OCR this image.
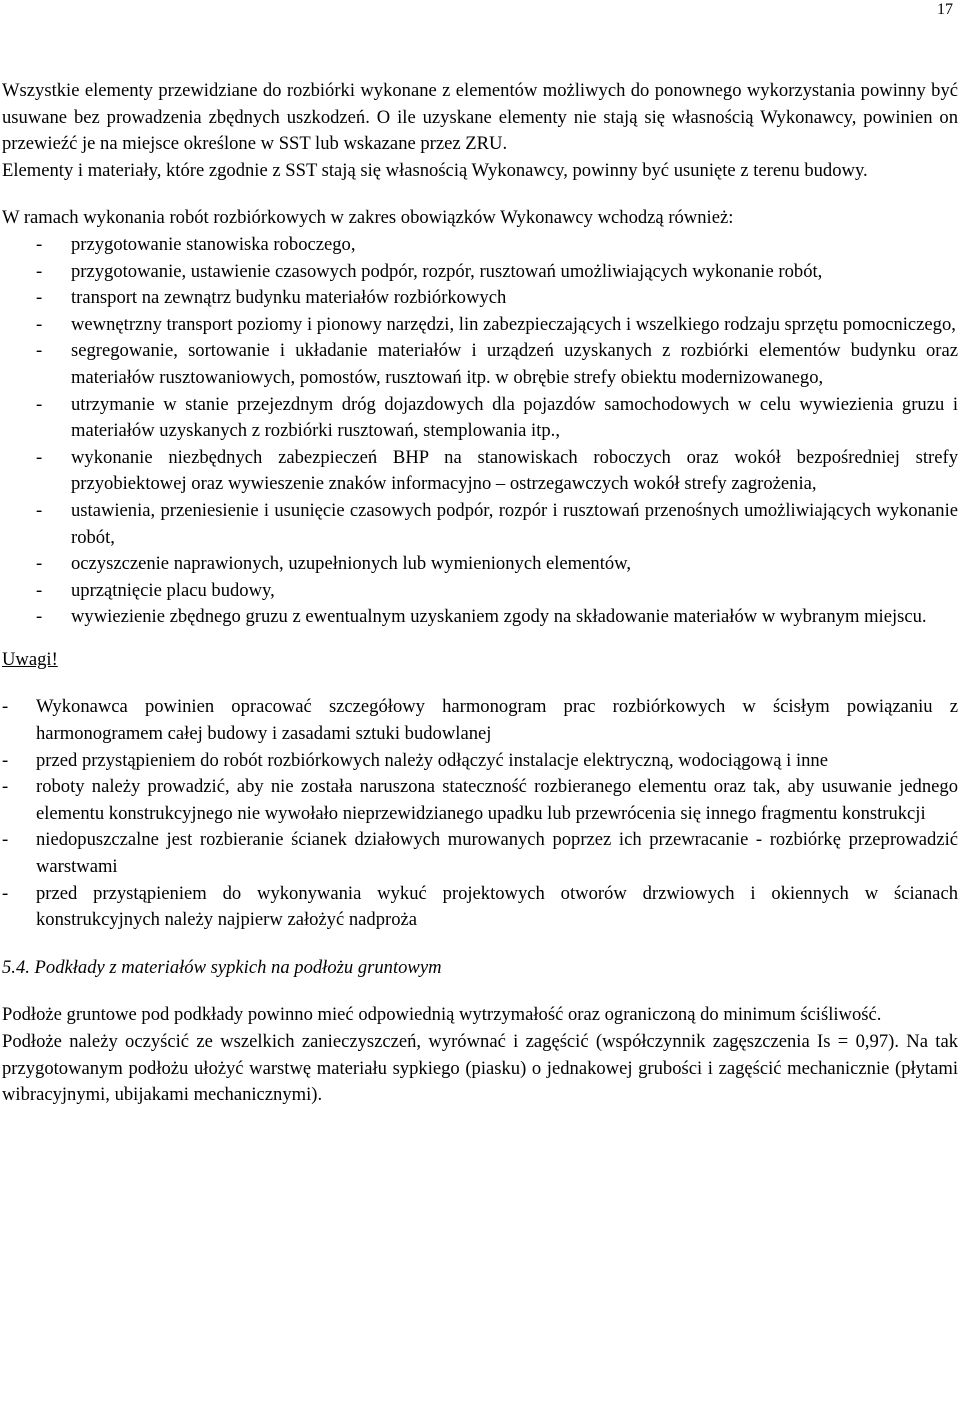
17

Wszystkie elementy przewidziane do rozbiórki wykonane z elementów możliwych do ponownego wykorzystania powinny być usuwane bez prowadzenia zbędnych uszkodzeń. O ile uzyskane elementy nie stają się własnością Wykonawcy, powinien on przewieźć je na miejsce określone w SST lub wskazane przez ZRU.

Elementy i materiały, które zgodnie z SST stają się własnością Wykonawcy, powinny być usunięte z terenu budowy.

W ramach wykonania robót rozbiórkowych w zakres obowiązków Wykonawcy wchodzą również:

- przygotowanie stanowiska roboczego,
- przygotowanie, ustawienie czasowych podpór, rozpór, rusztowań umożliwiających wykonanie robót,
- transport na zewnątrz budynku materiałów rozbiórkowych
- wewnętrzny transport poziomy i pionowy narzędzi, lin zabezpieczających i wszelkiego rodzaju sprzętu pomocniczego,
- segregowanie, sortowanie i układanie materiałów i urządzeń uzyskanych z rozbiórki elementów budynku oraz materiałów rusztowaniowych, pomostów, rusztowań itp. w obrębie strefy obiektu modernizowanego,
- utrzymanie w stanie przejezdnym dróg dojazdowych dla pojazdów samochodowych w celu wywiezienia gruzu i materiałów uzyskanych z rozbiórki rusztowań, stemplowania itp.,
- wykonanie niezbędnych zabezpieczeń BHP na stanowiskach roboczych oraz wokół bezpośredniej strefy przyobiektowej oraz wywieszenie znaków informacyjno – ostrzegawczych wokół strefy zagrożenia,
- ustawienia, przeniesienie i usunięcie czasowych podpór, rozpór i rusztowań przenośnych umożliwiających wykonanie robót,
- oczyszczenie naprawionych, uzupełnionych lub wymienionych elementów,
- uprzątnięcie placu budowy,
- wywiezienie zbędnego gruzu z ewentualnym uzyskaniem zgody na składowanie materiałów w wybranym miejscu.
Uwagi!
- Wykonawca powinien opracować szczegółowy harmonogram prac rozbiórkowych w ścisłym powiązaniu z harmonogramem całej budowy i zasadami sztuki budowlanej
- przed przystąpieniem do robót rozbiórkowych należy odłączyć instalacje elektryczną, wodociągową i inne
- roboty należy prowadzić, aby nie została naruszona stateczność rozbieranego elementu oraz tak, aby usuwanie jednego elementu konstrukcyjnego nie wywołało nieprzewidzianego upadku lub przewrócenia się innego fragmentu konstrukcji
- niedopuszczalne jest rozbieranie ścianek działowych murowanych poprzez ich przewracanie - rozbiórkę przeprowadzić warstwami
- przed przystąpieniem do wykonywania wykuć projektowych otworów drzwiowych i okiennych w ścianach konstrukcyjnych należy najpierw założyć nadproża
5.4. Podkłady z materiałów sypkich na podłożu gruntowym

Podłoże gruntowe pod podkłady powinno mieć odpowiednią wytrzymałość oraz ograniczoną do minimum ściśliwość.

Podłoże należy oczyścić ze wszelkich zanieczyszczeń, wyrównać i zagęścić (współczynnik zagęszczenia Is = 0,97). Na tak przygotowanym podłożu ułożyć warstwę materiału sypkiego (piasku) o jednakowej grubości i zagęścić mechanicznie (płytami wibracyjnymi, ubijakami mechanicznymi).
